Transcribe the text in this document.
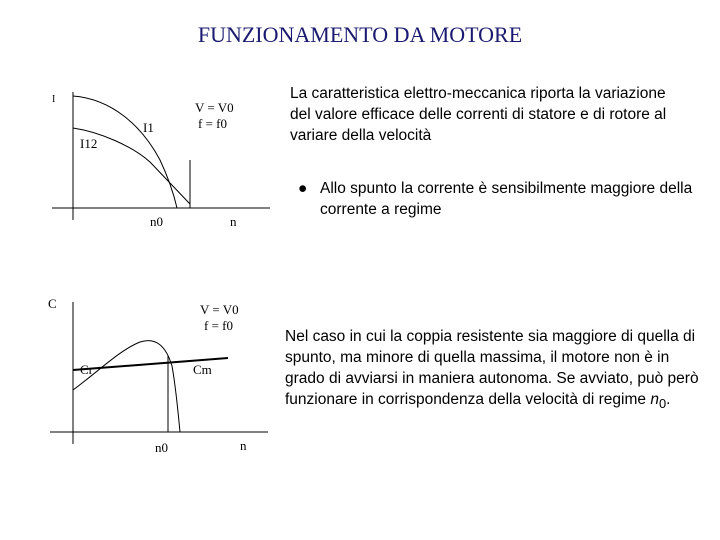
FUNZIONAMENTO DA MOTORE
I
I1
I12
V = V0
f = f0
n0	n
C	V = V0
f = f0
Cr	Cm
n0	n
La caratteristica elettro-meccanica riporta la variazione del valore efficace delle correnti di statore e di rotore al variare della velocità
● Allo spunto la corrente è sensibilmente maggiore della corrente a regime
Nel caso in cui la coppia resistente sia maggiore di quella di spunto, ma minore di quella massima, il motore non è in grado di avviarsi in maniera autonoma. Se avviato, può però funzionare in corrispondenza della velocità di regime $n_0$.
